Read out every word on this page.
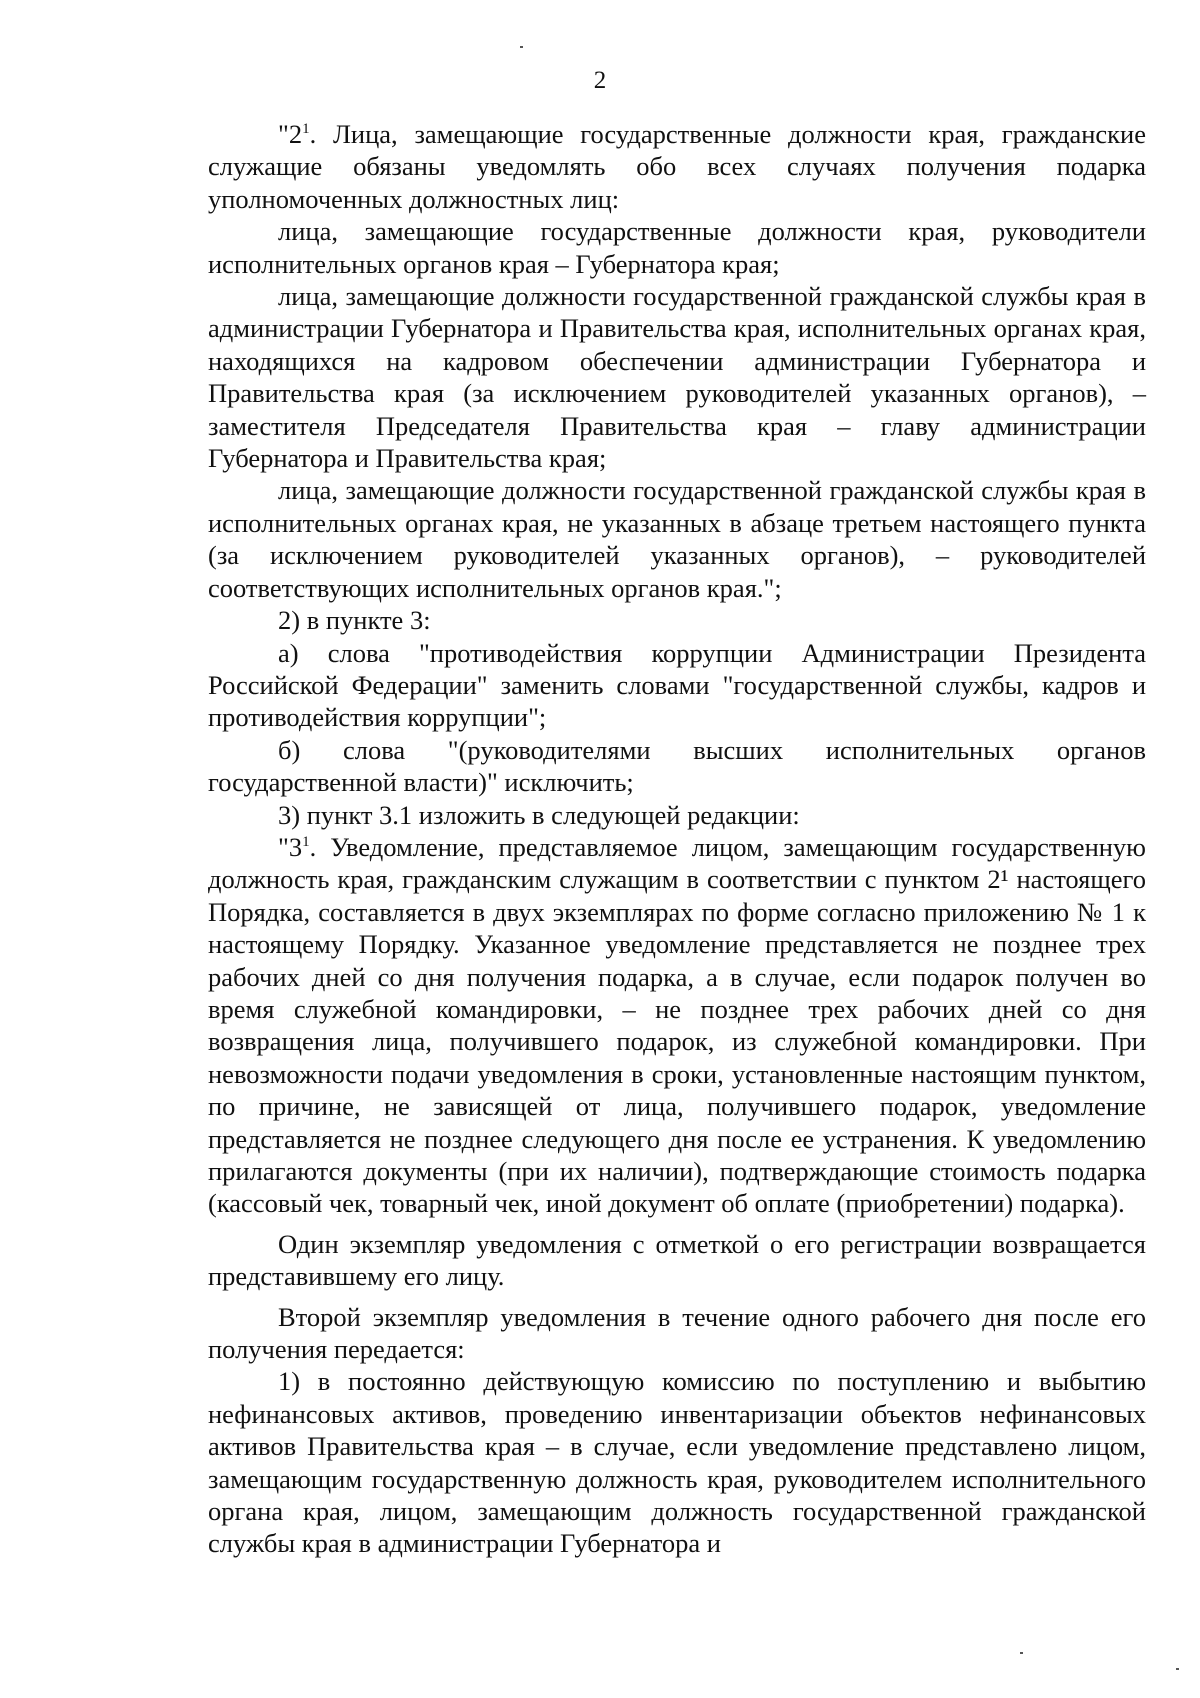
2

"$2^1$. Лица, замещающие государственные должности края, гражданские служащие обязаны уведомлять обо всех случаях получения подарка уполномоченных должностных лиц:

лица, замещающие государственные должности края, руководители исполнительных органов края – Губернатора края;

лица, замещающие должности государственной гражданской службы края в администрации Губернатора и Правительства края, исполнительных органах края, находящихся на кадровом обеспечении администрации Губернатора и Правительства края (за исключением руководителей указанных органов), – заместителя Председателя Правительства края – главу администрации Губернатора и Правительства края;

лица, замещающие должности государственной гражданской службы края в исполнительных органах края, не указанных в абзаце третьем настоящего пункта (за исключением руководителей указанных органов), – руководителей соответствующих исполнительных органов края.";

2) в пункте 3:

а) слова "противодействия коррупции Администрации Президента Российской Федерации" заменить словами "государственной службы, кадров и противодействия коррупции";

б) слова "(руководителями высших исполнительных органов государственной власти)" исключить;

3) пункт 3.1 изложить в следующей редакции:

"$3^1$. Уведомление, представляемое лицом, замещающим государственную должность края, гражданским служащим в соответствии с пунктом 2¹ настоящего Порядка, составляется в двух экземплярах по форме согласно приложению № 1 к настоящему Порядку. Указанное уведомление представляется не позднее трех рабочих дней со дня получения подарка, а в случае, если подарок получен во время служебной командировки, – не позднее трех рабочих дней со дня возвращения лица, получившего подарок, из служебной командировки. При невозможности подачи уведомления в сроки, установленные настоящим пунктом, по причине, не зависящей от лица, получившего подарок, уведомление представляется не позднее следующего дня после ее устранения. К уведомлению прилагаются документы (при их наличии), подтверждающие стоимость подарка (кассовый чек, товарный чек, иной документ об оплате (приобретении) подарка).

Один экземпляр уведомления с отметкой о его регистрации возвращается представившему его лицу.

Второй экземпляр уведомления в течение одного рабочего дня после его получения передается:

1) в постоянно действующую комиссию по поступлению и выбытию нефинансовых активов, проведению инвентаризации объектов нефинансовых активов Правительства края – в случае, если уведомление представлено лицом, замещающим государственную должность края, руководителем исполнительного органа края, лицом, замещающим должность государственной гражданской службы края в администрации Губернатора и
